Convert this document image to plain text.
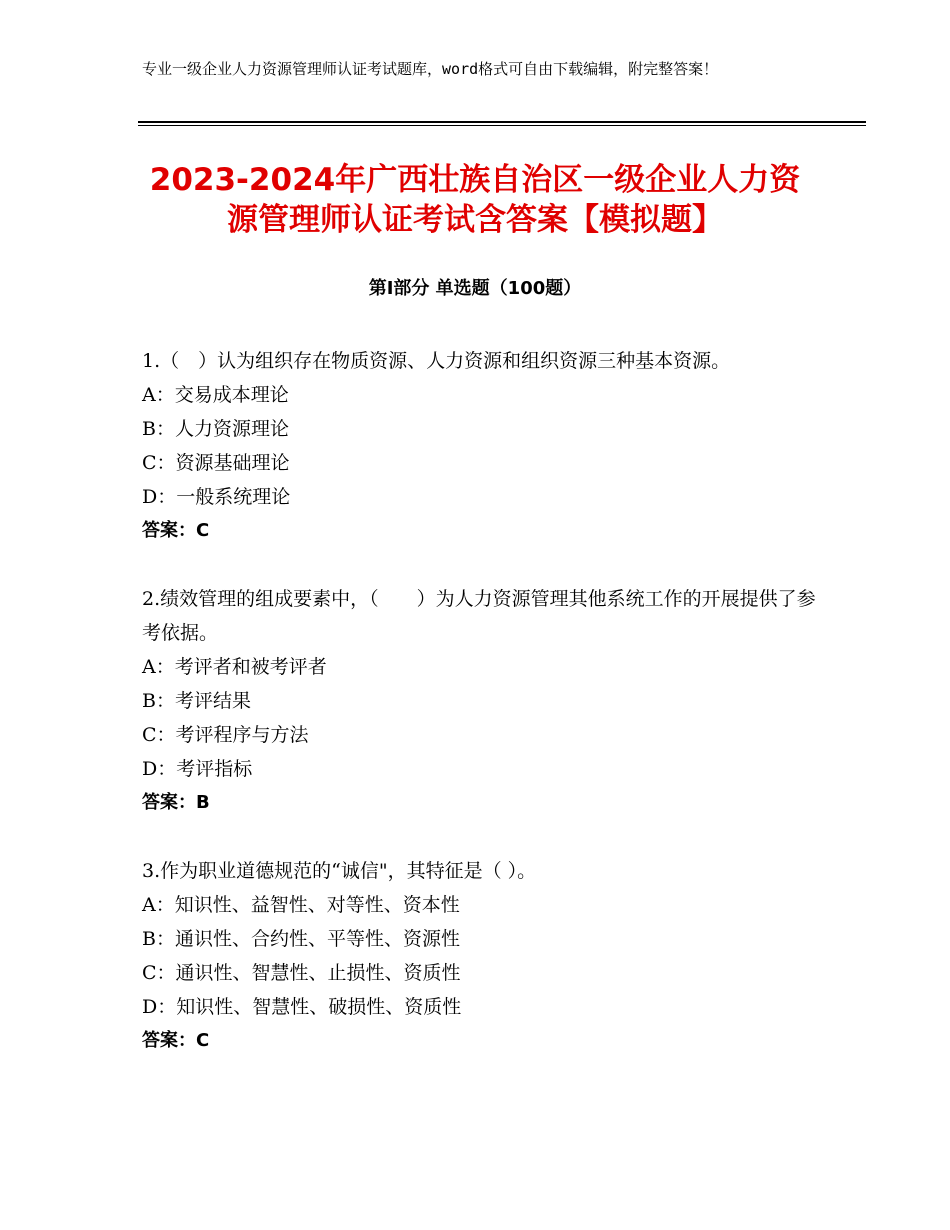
专业一级企业人力资源管理师认证考试题库，word格式可自由下载编辑，附完整答案！
2023-2024年广西壮族自治区一级企业人力资源管理师认证考试含答案【模拟题】
第Ⅰ部分 单选题（100题）
1.（　）认为组织存在物质资源、人力资源和组织资源三种基本资源。
A：交易成本理论
B：人力资源理论
C：资源基础理论
D：一般系统理论
答案：C
2.绩效管理的组成要素中，（　　）为人力资源管理其他系统工作的开展提供了参考依据。
A：考评者和被考评者
B：考评结果
C：考评程序与方法
D：考评指标
答案：B
3.作为职业道德规范的“诚信"，其特征是（ ）。
A：知识性、益智性、对等性、资本性
B：通识性、合约性、平等性、资源性
C：通识性、智慧性、止损性、资质性
D：知识性、智慧性、破损性、资质性
答案：C
